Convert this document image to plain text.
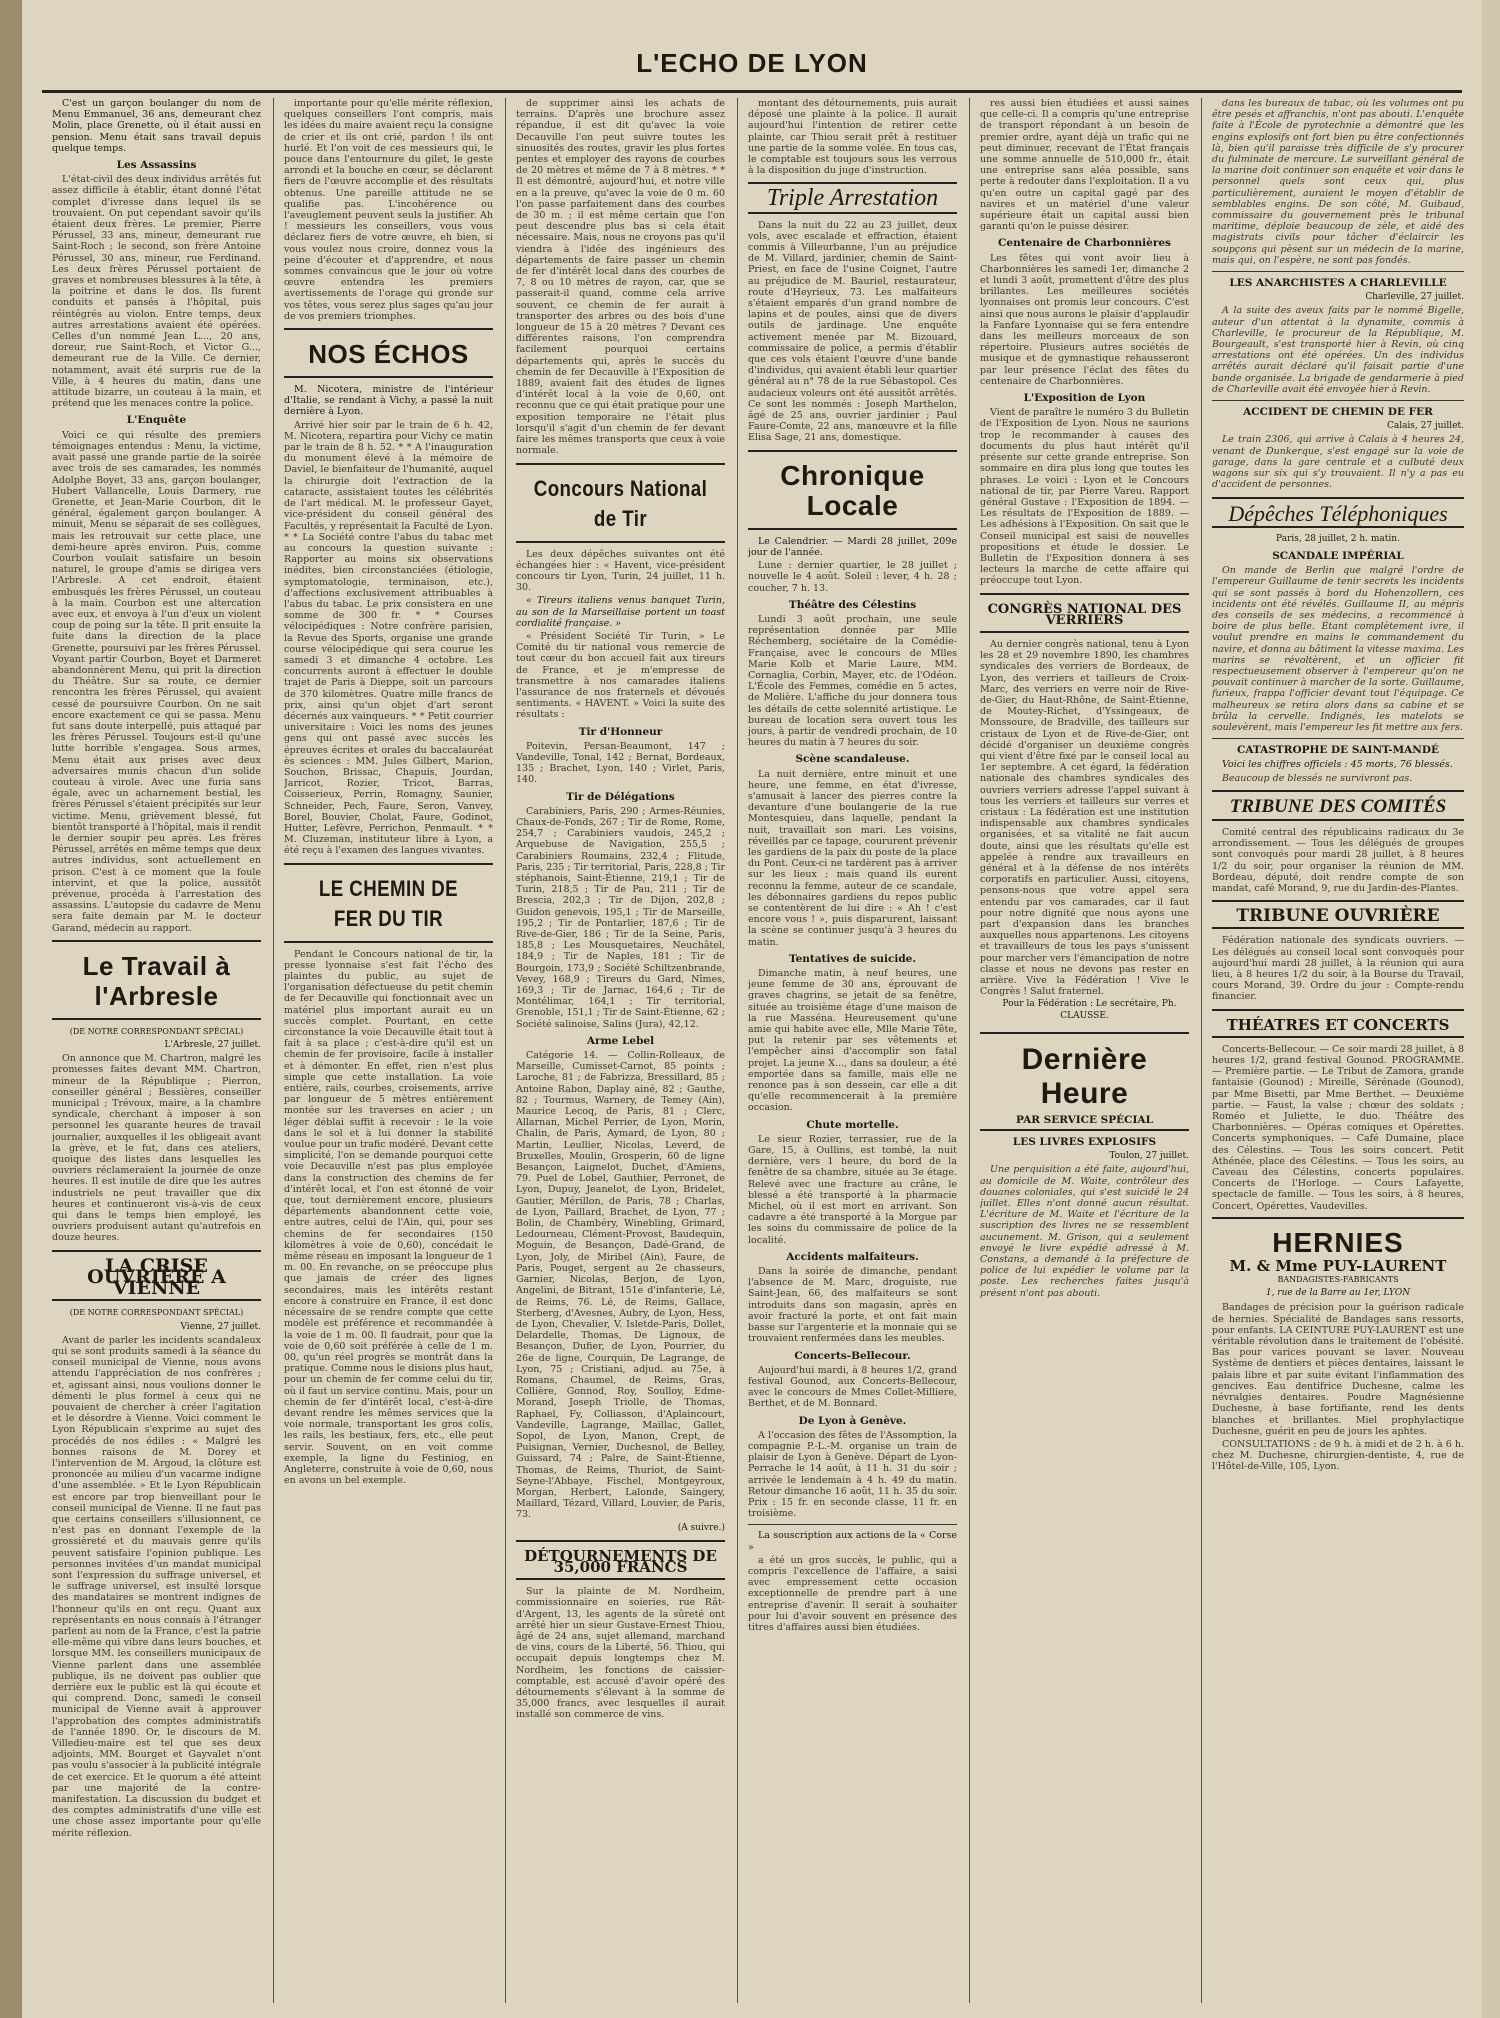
L'ECHO DE LYON

C'est un garçon boulanger du nom de Menu Emmanuel, 36 ans, demeurant chez Molin, place Grenette, où il était aussi en pension. Menu était sans travail depuis quelque temps.

Les Assassins

L'état-civil des deux individus arrêtés fut assez difficile à établir, étant donné l'état complet d'ivresse dans lequel ils se trouvaient. On put cependant savoir qu'ils étaient deux frères. Le premier, Pierre Pérussel, 33 ans, mineur, demeurant rue Saint-Roch ; le second, son frère Antoine Pérussel, 30 ans, mineur, rue Ferdinand. Les deux frères Pérussel portaient de graves et nombreuses blessures à la tête, à la poitrine et dans le dos. Ils furent conduits et pansés à l'hôpital, puis réintégrés au violon. Entre temps, deux autres arrestations avaient été opérées. Celles d'un nommé Jean L..., 20 ans, doreur, rue Saint-Roch, et Victor G..., demeurant rue de la Ville. Ce dernier, notamment, avait été surpris rue de la Ville, à 4 heures du matin, dans une attitude bizarre, un couteau à la main, et prétend que les menaces contre la police.

L'Enquête

Voici ce qui résulte des premiers témoignages entendus : Menu, la victime, avait passé une grande partie de la soirée avec trois de ses camarades, les nommés Adolphe Boyet, 33 ans, garçon boulanger, Hubert Vallancelle, Louis Darmery, rue Grenette, et Jean-Marie Courbon, dit le général, également garçon boulanger. A minuit, Menu se séparait de ses collègues, mais les retrouvait sur cette place, une demi-heure après environ. Puis, comme Courbon voulait satisfaire un besoin naturel, le groupe d'amis se dirigea vers l'Arbresle. A cet endroit, étaient embusqués les frères Pérussel, un couteau à la main. Courbon est une altercation avec eux, et envoya à l'un d'eux un violent coup de poing sur la tête. Il prit ensuite la fuite dans la direction de la place Grenette, poursuivi par les frères Pérussel. Voyant partir Courbon, Boyet et Darmeret abandonnèrent Menu, qui prit la direction du Théâtre. Sur sa route, ce dernier rencontra les frères Pérussel, qui avaient cessé de poursuivre Courbon. On ne sait encore exactement ce qui se passa. Menu fut sans doute interpellé, puis attaqué par les frères Pérussel. Toujours est-il qu'une lutte horrible s'engagea. Sous armes, Menu était aux prises avec deux adversaires munis chacun d'un solide couteau à virole. Avec une furia sans égale, avec un acharnement bestial, les frères Pérussel s'étaient précipités sur leur victime. Menu, grièvement blessé, fut bientôt transporté à l'hôpital, mais il rendit le dernier soupir peu après. Les frères Pérussel, arrêtés en même temps que deux autres individus, sont actuellement en prison. C'est à ce moment que la foule intervint, et que la police, aussitôt prévenue, procéda à l'arrestation des assassins. L'autopsie du cadavre de Menu sera faite demain par M. le docteur Garand, médecin au rapport.

Le Travail à l'Arbresle
(DE NOTRE CORRESPONDANT SPÉCIAL)
L'Arbresle, 27 juillet.

On annonce que M. Chartron, malgré les promesses faites devant MM. Chartron, mineur de la République ; Pierron, conseiller général ; Bessières, conseiller municipal ; Trévoux, maire, a la chambre syndicale, cherchant à imposer à son personnel les quarante heures de travail journalier, auxquelles il les obligeait avant la grève, et le fut, dans ces ateliers, quoique des listes dans lesquelles les ouvriers réclameraient la journée de onze heures. Il est inutile de dire que les autres industriels ne peut travailler que dix heures et continueront vis-à-vis de ceux qui dans le temps bien employé, les ouvriers produisent autant qu'autrefois en douze heures.

LA CRISE OUVRIÈRE A VIENNE
(DE NOTRE CORRESPONDANT SPÉCIAL)
Vienne, 27 juillet.

Avant de parler les incidents scandaleux qui se sont produits samedi à la séance du conseil municipal de Vienne, nous avons attendu l'appréciation de nos confrères ; et, agissant ainsi, nous voulions donner le démenti le plus formel à ceux qui ne pouvaient de chercher à créer l'agitation et le désordre à Vienne. Voici comment le Lyon Républicain s'exprime au sujet des procédés de nos édiles : « Malgré les bonnes raisons de M. Dorey et l'intervention de M. Argoud, la clôture est prononcée au milieu d'un vacarme indigne d'une assemblée. » Et le Lyon Républicain est encore par trop bienveillant pour le conseil municipal de Vienne. Il ne faut pas que certains conseillers s'illusionnent, ce n'est pas en donnant l'exemple de la grossièreté et du mauvais genre qu'ils peuvent satisfaire l'opinion publique. Les personnes invitées d'un mandat municipal sont l'expression du suffrage universel, et le suffrage universel, est insulté lorsque des mandataires se montrent indignes de l'honneur qu'ils en ont reçu. Quant aux représentants en nous connais à l'étranger parlent au nom de la France, c'est la patrie elle-même qui vibre dans leurs bouches, et lorsque MM. les conseillers municipaux de Vienne parlent dans une assemblée publique, ils ne doivent pas oublier que derrière eux le public est là qui écoute et qui comprend. Donc, samedi le conseil municipal de Vienne avait à approuver l'approbation des comptes administratifs de l'année 1890. Or, le discours de M. Villedieu-maire est tel que ses deux adjoints, MM. Bourget et Gayvalet n'ont pas voulu s'associer à la publicité intégrale de cet exercice. Et le quorum a été atteint par une majorité de la contre-manifestation. La discussion du budget et des comptes administratifs d'une ville est une chose assez importante pour qu'elle mérite réflexion.

importante pour qu'elle mérite réflexion, quelques conseillers l'ont compris, mais les idées du maire avaient reçu la consigne de crier et ils ont crié, pardon ! ils ont hurlé. Et l'on voit de ces messieurs qui, le pouce dans l'entournure du gilet, le geste arrondi et la bouche en cœur, se déclarent fiers de l'œuvre accomplie et des résultats obtenus. Une pareille attitude ne se qualifie pas. L'incohérence ou l'aveuglement peuvent seuls la justifier. Ah ! messieurs les conseillers, vous vous déclarez fiers de votre œuvre, eh bien, si vous voulez nous croire, donnez vous la peine d'écouter et d'apprendre, et nous sommes convaincus que le jour où votre œuvre entendra les premiers avertissements de l'orage qui gronde sur vos têtes, vous serez plus sages qu'au jour de vos premiers triomphes.

NOS ÉCHOS

M. Nicotera, ministre de l'intérieur d'Italie, se rendant à Vichy, a passé la nuit dernière à Lyon.

Arrivé hier soir par le train de 6 h. 42, M. Nicotera, repartira pour Vichy ce matin par le train de 8 h. 52. * * A l'inauguration du monument élevé à la mémoire de Daviel, le bienfaiteur de l'humanité, auquel la chirurgie doit l'extraction de la cataracte, assistaient toutes les célébrités de l'art médical. M. le professeur Gayet, vice-président du conseil général des Facultés, y représentait la Faculté de Lyon. * * La Société contre l'abus du tabac met au concours la question suivante : Rapporter au moins six observations inédites, bien circonstanciées (étiologie, symptomatologie, terminaison, etc.), d'affections exclusivement attribuables à l'abus du tabac. Le prix consistera en une somme de 300 fr. * * Courses vélocipédiques : Notre confrère parisien, la Revue des Sports, organise une grande course vélocipédique qui sera courue les samedi 3 et dimanche 4 octobre. Les concurrents auront à effectuer le double trajet de Paris à Dieppe, soit un parcours de 370 kilomètres. Quatre mille francs de prix, ainsi qu'un objet d'art seront décernés aux vainqueurs. * * Petit courrier universitaire : Voici les noms des jeunes gens qui ont passé avec succès les épreuves écrites et orales du baccalauréat ès sciences : MM. Jules Gilbert, Marion, Souchon, Brissac, Chapuis, Jourdan, Jarricot, Rozier, Tricot, Barras, Coisserieux, Perrin, Romagny, Saunier, Schneider, Pech, Faure, Seron, Vanvey, Borel, Bouvier, Cholat, Faure, Godinot, Hutter, Lefèvre, Perrichon, Penmault. * * M. Cluzeman, instituteur libre à Lyon, a été reçu à l'examen des langues vivantes.

LE CHEMIN DE FER DU TIR

Pendant le Concours national de tir, la presse lyonnaise s'est fait l'écho des plaintes du public, au sujet de l'organisation défectueuse du petit chemin de fer Decauville qui fonctionnait avec un matériel plus important aurait eu un succès complet. Pourtant, en cette circonstance la voie Decauville était tout à fait à sa place ; c'est-à-dire qu'il est un chemin de fer provisoire, facile à installer et à démonter. En effet, rien n'est plus simple que cette installation. La voie entière, rails, courbes, croisements, arrive par longueur de 5 mètres entièrement montée sur les traverses en acier ; un léger déblai suffit à recevoir : le la voie dans le sol et à lui donner la stabilité voulue pour un trafic modéré. Devant cette simplicité, l'on se demande pourquoi cette voie Decauville n'est pas plus employée dans la construction des chemins de fer d'intérêt local, et l'on est étonné de voir que, tout dernièrement encore, plusieurs départements abandonnent cette voie, entre autres, celui de l'Ain, qui, pour ses chemins de fer secondaires (150 kilomètres à voie de 0,60), concédait le même réseau en imposant la longueur de 1 m. 00. En revanche, on se préoccupe plus que jamais de créer des lignes secondaires, mais les intérêts restant encore à construire en France, il est donc nécessaire de se rendre compte que cette modèle est préférence et recommandée à la voie de 1 m. 00. Il faudrait, pour que la voie de 0,60 soit préférée à celle de 1 m. 00, qu'un réel progrès se montrât dans la pratique. Comme nous le disions plus haut, pour un chemin de fer comme celui du tir, où il faut un service continu. Mais, pour un chemin de fer d'intérêt local, c'est-à-dire devant rendre les mêmes services que la voie normale, transportant les gros colis, les rails, les bestiaux, fers, etc., elle peut servir. Souvent, on en voit comme exemple, la ligne du Festiniog, en Angleterre, construite à voie de 0,60, nous en avons un bel exemple.

de supprimer ainsi les achats de terrains. D'après une brochure assez répandue, il est dit qu'avec la voie Decauville l'on peut suivre toutes les sinuosités des routes, gravir les plus fortes pentes et employer des rayons de courbes de 20 mètres et même de 7 à 8 mètres. * * Il est démontré, aujourd'hui, et notre ville en a la preuve, qu'avec la voie de 0 m. 60 l'on passe parfaitement dans des courbes de 30 m. ; il est même certain que l'on peut descendre plus bas si cela était nécessaire. Mais, nous ne croyons pas qu'il viendra à l'idée des ingénieurs des départements de faire passer un chemin de fer d'intérêt local dans des courbes de 7, 8 ou 10 mètres de rayon, car, que se passerait-il quand, comme cela arrive souvent, ce chemin de fer aurait à transporter des arbres ou des bois d'une longueur de 15 à 20 mètres ? Devant ces différentes raisons, l'on comprendra facilement pourquoi certains départements qui, après le succès du chemin de fer Decauville à l'Exposition de 1889, avaient fait des études de lignes d'intérêt local à la voie de 0,60, ont reconnu que ce qui était pratique pour une exposition temporaire ne l'était plus lorsqu'il s'agit d'un chemin de fer devant faire les mêmes transports que ceux à voie normale.

Concours National de Tir

Les deux dépêches suivantes ont été échangées hier : « Havent, vice-président concours tir Lyon, Turin, 24 juillet, 11 h. 30.

« Tireurs italiens venus banquet Turin, au son de la Marseillaise portent un toast cordialité française. »

« Président Société Tir Turin, » Le Comité du tir national vous remercie de tout cœur du bon accueil fait aux tireurs de France, et je m'empresse de transmettre à nos camarades italiens l'assurance de nos fraternels et dévoués sentiments. « HAVENT. » Voici la suite des résultats :

Tir d'Honneur

Poitevin, Persan-Beaumont, 147 ; Vandeville, Tonal, 142 ; Bernat, Bordeaux, 135 ; Brachet, Lyon, 140 ; Virlet, Paris, 140.

Tir de Délégations

Carabiniers, Paris, 290 ; Armes-Réunies, Chaux-de-Fonds, 267 ; Tir de Rome, Rome, 254,7 ; Carabiniers vaudois, 245,2 ; Arquebuse de Navigation, 255,5 ; Carabiniers Roumains, 232,4 ; Flitude, Paris, 235 ; Tir territorial, Paris, 228,8 ; Tir stéphanois, Saint-Étienne, 219,1 ; Tir de Turin, 218,5 ; Tir de Pau, 211 ; Tir de Brescia, 202,3 ; Tir de Dijon, 202,8 ; Guidon genevois, 195,1 ; Tir de Marseille, 195,2 ; Tir de Pontarlier, 187,6 ; Tir de Rive-de-Gier, 186 ; Tir de la Seine, Paris, 185,8 ; Les Mousquetaires, Neuchâtel, 184,9 ; Tir de Naples, 181 ; Tir de Bourgoin, 173,9 ; Société Schiltzenbrande, Vevey, 168,9 ; Tireurs du Gard, Nîmes, 169,3 ; Tir de Jarnac, 164,6 ; Tir de Montélimar, 164,1 ; Tir territorial, Grenoble, 151,1 ; Tir de Saint-Étienne, 62 ; Société salinoise, Salins (Jura), 42,12.

Arme Lebel

Catégorie 14. — Collin-Rolleaux, de Marseille, Cumisset-Carnot, 85 points ; Laroche, 81 ; de Fabrizza, Bressillard, 85 ; Antoine Rabon, Daplay ainé, 82 ; Gauthe, 82 ; Tourmus, Warnery, de Temey (Ain), Maurice Lecoq, de Paris, 81 ; Clerc, Allarnan, Michel Perrier, de Lyon, Morin, Chalin, de Paris, Aymard, de Lyon, 80 ; Martin, Leullier, Nicolas, Leverd, de Bruxelles, Moulin, Grosperin, 60 de ligne Besançon, Laignelot, Duchet, d'Amiens, 79. Puel de Lobel, Gauthier, Perronet, de Lyon, Dupuy, Jeanelot, de Lyon, Bridelet, Gautier, Mérillon, de Paris, 78 ; Charlas, de Lyon, Paillard, Brachet, de Lyon, 77 ; Bolin, de Chambéry, Winebling, Grimard, Ledourneau, Clément-Provost, Baudequin, Moguin, de Besançon, Dadé-Grand, de Lyon, Joly, de Miribel (Ain), Faure, de Paris, Pouget, sergent au 2e chasseurs, Garnier, Nicolas, Berjon, de Lyon, Angelini, de Bitrant, 151e d'infanterie, Lé, de Reims, 76. Lé, de Reims, Gallace, Sterberg, d'Avesnes, Aubry, de Lyon, Hess, de Lyon, Chevalier, V. Isletde-Paris, Dollet, Delardelle, Thomas, De Lignoux, de Besançon, Dufier, de Lyon, Pourrier, du 26e de ligne, Courquin, De Lagrange, de Lyon, 75 ; Cristiani, adjud. au 75e, à Romans, Chaumel, de Reims, Gras, Collière, Gonnod, Roy, Soulloy, Edme-Morand, Joseph Triolle, de Thomas, Raphael, Fy, Colliasson, d'Aplaincourt, Vandeville, Lagrange, Maillac, Gallet, Sopol, de Lyon, Manon, Crept, de Puisignan, Vernier, Duchesnol, de Belley, Guissard, 74 ; Palre, de Saint-Étienne, Thomas, de Reims, Thuriot, de Saint-Seyne-l'Abbaye, Fischel, Montgeyroux, Morgan, Herbert, Lalonde, Saingery, Maillard, Tézard, Villard, Louvier, de Paris, 73.

(A suivre.)
DÉTOURNEMENTS DE 35,000 FRANCS

Sur la plainte de M. Nordheim, commissionnaire en soieries, rue Rât-d'Argent, 13, les agents de la sûreté ont arrêté hier un sieur Gustave-Ernest Thiou, âgé de 24 ans, sujet allemand, marchand de vins, cours de la Liberté, 56. Thiou, qui occupait depuis longtemps chez M. Nordheim, les fonctions de caissier-comptable, est accusé d'avoir opéré des détournements s'élevant à la somme de 35,000 francs, avec lesquelles il aurait installé son commerce de vins.

montant des détournements, puis aurait déposé une plainte à la police. Il aurait aujourd'hui l'intention de retirer cette plainte, car Thiou serait prêt à restituer une partie de la somme volée. En tous cas, le comptable est toujours sous les verrous à la disposition du juge d'instruction.

Triple Arrestation

Dans la nuit du 22 au 23 juillet, deux vols, avec escalade et effraction, étaient commis à Villeurbanne, l'un au préjudice de M. Villard, jardinier, chemin de Saint-Priest, en face de l'usine Coignet, l'autre au préjudice de M. Bauriel, restaurateur, route d'Heyrieux, 73. Les malfaiteurs s'étaient emparés d'un grand nombre de lapins et de poules, ainsi que de divers outils de jardinage. Une enquête activement menée par M. Bizouard, commissaire de police, a permis d'établir que ces vols étaient l'œuvre d'une bande d'individus, qui avaient établi leur quartier général au n° 78 de la rue Sébastopol. Ces audacieux voleurs ont été aussitôt arrêtés. Ce sont les nommés : Joseph Marthelon, âgé de 25 ans, ouvrier jardinier ; Paul Faure-Comte, 22 ans, manœuvre et la fille Elisa Sage, 21 ans, domestique.

Chronique Locale

Le Calendrier. — Mardi 28 juillet, 209e jour de l'année.

Lune : dernier quartier, le 28 juillet ; nouvelle le 4 août. Soleil : lever, 4 h. 28 ; coucher, 7 h. 13.

Théâtre des Célestins

Lundi 3 août prochain, une seule représentation donnée par Mlle Réchemberg, sociétaire de la Comédie-Française, avec le concours de Mlles Marie Kolb et Marie Laure, MM. Cornaglia, Corbin, Mayer, etc. de l'Odéon. L'École des Femmes, comédie en 5 actes, de Molière. L'affiche du jour donnera tous les détails de cette solennité artistique. Le bureau de location sera ouvert tous les jours, à partir de vendredi prochain, de 10 heures du matin à 7 heures du soir.

Scène scandaleuse.

La nuit dernière, entre minuit et une heure, une femme, en état d'ivresse, s'amusait à lancer des pierres contre la devanture d'une boulangerie de la rue Montesquieu, dans laquelle, pendant la nuit, travaillait son mari. Les voisins, réveillés par ce tapage, coururent prévenir les gardiens de la paix du poste de la place du Pont. Ceux-ci ne tardèrent pas à arriver sur les lieux ; mais quand ils eurent reconnu la femme, auteur de ce scandale, les débonnaires gardiens du repos public se contentèrent de lui dire : « Ah ! c'est encore vous ! », puis disparurent, laissant la scène se continuer jusqu'à 3 heures du matin.

Tentatives de suicide.

Dimanche matin, à neuf heures, une jeune femme de 30 ans, éprouvant de graves chagrins, se jetait de sa fenêtre, située au troisième étage d'une maison de la rue Masséna. Heureusement qu'une amie qui habite avec elle, Mlle Marie Tête, put la retenir par ses vêtements et l'empêcher ainsi d'accomplir son fatal projet. La jeune X..., dans sa douleur, a été emportée dans sa famille, mais elle ne renonce pas à son dessein, car elle a dit qu'elle recommencerait à la première occasion.

Chute mortelle.

Le sieur Rozier, terrassier, rue de la Gare, 15, à Oullins, est tombé, la nuit dernière, vers 1 heure, du bord de la fenêtre de sa chambre, située au 3e étage. Relevé avec une fracture au crâne, le blessé a été transporté à la pharmacie Michel, où il est mort en arrivant. Son cadavre a été transporté à la Morgue par les soins du commissaire de police de la localité.

Accidents malfaiteurs.

Dans la soirée de dimanche, pendant l'absence de M. Marc, droguiste, rue Saint-Jean, 66, des malfaiteurs se sont introduits dans son magasin, après en avoir fracturé la porte, et ont fait main basse sur l'argenterie et la monnaie qui se trouvaient renfermées dans les meubles.

Concerts-Bellecour.

Aujourd'hui mardi, à 8 heures 1/2, grand festival Gounod, aux Concerts-Bellecour, avec le concours de Mmes Collet-Milliere, Berthet, et de M. Bonnard.

De Lyon à Genève.

A l'occasion des fêtes de l'Assomption, la compagnie P.-L.-M. organise un train de plaisir de Lyon à Genève. Départ de Lyon-Perrache le 14 août, à 11 h. 31 du soir ; arrivée le lendemain à 4 h. 49 du matin. Retour dimanche 16 août, 11 h. 35 du soir. Prix : 15 fr. en seconde classe, 11 fr. en troisième.

La souscription aux actions de la « Corse »

a été un gros succès, le public, qui a compris l'excellence de l'affaire, a saisi avec empressement cette occasion exceptionnelle de prendre part à une entreprise d'avenir. Il serait à souhaiter pour lui d'avoir souvent en présence des titres d'affaires aussi bien étudiées.

res aussi bien étudiées et aussi saines que celle-ci. Il a compris qu'une entreprise de transport répondant à un besoin de premier ordre, ayant déjà un trafic qui ne peut diminuer, recevant de l'État français une somme annuelle de 510,000 fr., était une entreprise sans aléa possible, sans perte à redouter dans l'exploitation. Il a vu qu'en outre un capital gagé par des navires et un matériel d'une valeur supérieure était un capital aussi bien garanti qu'on le puisse désirer.

Centenaire de Charbonnières

Les fêtes qui vont avoir lieu à Charbonnières les samedi 1er, dimanche 2 et lundi 3 août, promettent d'être des plus brillantes. Les meilleures sociétés lyonnaises ont promis leur concours. C'est ainsi que nous aurons le plaisir d'applaudir la Fanfare Lyonnaise qui se fera entendre dans les meilleurs morceaux de son répertoire. Plusieurs autres sociétés de musique et de gymnastique rehausseront par leur présence l'éclat des fêtes du centenaire de Charbonnières.

L'Exposition de Lyon

Vient de paraître le numéro 3 du Bulletin de l'Exposition de Lyon. Nous ne saurions trop le recommander à causes des documents du plus haut intérêt qu'il présente sur cette grande entreprise. Son sommaire en dira plus long que toutes les phrases. Le voici : Lyon et le Concours national de tir, par Pierre Vareu. Rapport général Gustave : l'Exposition de 1894. — Les résultats de l'Exposition de 1889. — Les adhésions à l'Exposition. On sait que le Conseil municipal est saisi de nouvelles propositions et étude le dossier. Le Bulletin de l'Exposition donnera à ses lecteurs la marche de cette affaire qui préoccupe tout Lyon.

CONGRÈS NATIONAL DES VERRIERS

Au dernier congrès national, tenu à Lyon les 28 et 29 novembre 1890, les chambres syndicales des verriers de Bordeaux, de Lyon, des verriers et tailleurs de Croix-Marc, des verriers en verre noir de Rive-de-Gier, du Haut-Rhône, de Saint-Étienne, de Moutey-Richet, d'Yssingeaux, de Monssoure, de Bradville, des tailleurs sur cristaux de Lyon et de Rive-de-Gier, ont décidé d'organiser un deuxième congrès qui vient d'être fixé par le conseil local au 1er septembre. A cet égard, la fédération nationale des chambres syndicales des ouvriers verriers adresse l'appel suivant à tous les verriers et tailleurs sur verres et cristaux : La fédération est une institution indispensable aux chambres syndicales organisées, et sa vitalité ne fait aucun doute, ainsi que les résultats qu'elle est appelée à rendre aux travailleurs en général et à la défense de nos intérêts corporatifs en particulier. Aussi, citoyens, pensons-nous que votre appel sera entendu par vos camarades, car il faut pour notre dignité que nous ayons une part d'expansion dans les branches auxquelles nous appartenons. Les citoyens et travailleurs de tous les pays s'unissent pour marcher vers l'émancipation de notre classe et nous ne devons pas rester en arrière. Vive la Fédération ! Vive le Congrès ! Salut fraternel.

Pour la Fédération : Le secrétaire, Ph. CLAUSSE.

Dernière Heure
PAR SERVICE SPÉCIAL
LES LIVRES EXPLOSIFS
Toulon, 27 juillet.

Une perquisition a été faite, aujourd'hui, au domicile de M. Waite, contrôleur des douanes coloniales, qui s'est suicidé le 24 juillet. Elles n'ont donné aucun résultat. L'écriture de M. Waite et l'écriture de la suscription des livres ne se ressemblent aucunement. M. Grison, qui a seulement envoyé le livre expédié adressé à M. Constans, a demandé à la préfecture de police de lui expédier le volume par la poste. Les recherches faites jusqu'à présent n'ont pas abouti.

dans les bureaux de tabac, où les volumes ont pu être pesés et affranchis, n'ont pas abouti. L'enquête faite à l'École de pyrotechnie a démontré que les engins explosifs ont fort bien pu être confectionnés là, bien qu'il paraisse très difficile de s'y procurer du fulminate de mercure. Le surveillant général de la marine doit continuer son enquête et voir dans le personnel quels sont ceux qui, plus particulièrement, auraient le moyen d'établir de semblables engins. De son côté, M. Guibaud, commissaire du gouvernement près le tribunal maritime, déploie beaucoup de zèle, et aidé des magistrats civils pour tâcher d'éclaircir les soupçons qui pèsent sur un médecin de la marine, mais qui, on l'espère, ne sont pas fondés.

LES ANARCHISTES A CHARLEVILLE
Charleville, 27 juillet.

A la suite des aveux faits par le nommé Bigelle, auteur d'un attentat à la dynamite, commis à Charleville, le procureur de la République, M. Bourgeault, s'est transporté hier à Revin, où cinq arrestations ont été opérées. Un des individus arrêtés aurait déclaré qu'il faisait partie d'une bande organisée. La brigade de gendarmerie à pied de Charleville avait été envoyée hier à Revin.

ACCIDENT DE CHEMIN DE FER
Calais, 27 juillet.

Le train 2306, qui arrive à Calais à 4 heures 24, venant de Dunkerque, s'est engagé sur la voie de garage, dans la gare centrale et a culbuté deux wagons sur six qui s'y trouvaient. Il n'y a pas eu d'accident de personnes.

Dépêches Téléphoniques
Paris, 28 juillet, 2 h. matin.
SCANDALE IMPÉRIAL

On mande de Berlin que malgré l'ordre de l'empereur Guillaume de tenir secrets les incidents qui se sont passés à bord du Hohenzollern, ces incidents ont été révélés. Guillaume II, au mépris des conseils de ses médecins, a recommencé à boire de plus belle. Étant complètement ivre, il voulut prendre en mains le commandement du navire, et donna au bâtiment la vitesse maxima. Les marins se révoltèrent, et un officier fit respectueusement observer à l'empereur qu'on ne pouvait continuer à marcher de la sorte. Guillaume, furieux, frappa l'officier devant tout l'équipage. Ce malheureux se retira alors dans sa cabine et se brûla la cervelle. Indignés, les matelots se soulevèrent, mais l'empereur les fit mettre aux fers.

CATASTROPHE DE SAINT-MANDÉ

Voici les chiffres officiels : 45 morts, 76 blessés.

Beaucoup de blessés ne survivront pas.

TRIBUNE DES COMITÉS

Comité central des républicains radicaux du 3e arrondissement. — Tous les délégués de groupes sont convoqués pour mardi 28 juillet, à 8 heures 1/2 du soir, pour organiser la réunion de MM. Bordeau, député, doit rendre compte de son mandat, café Morand, 9, rue du Jardin-des-Plantes.

TRIBUNE OUVRIÈRE

Fédération nationale des syndicats ouvriers. — Les délégués au conseil local sont convoqués pour aujourd'hui mardi 28 juillet, à la réunion qui aura lieu, à 8 heures 1/2 du soir, à la Bourse du Travail, cours Morand, 39. Ordre du jour : Compte-rendu financier.

THÉATRES ET CONCERTS

Concerts-Bellecour. — Ce soir mardi 28 juillet, à 8 heures 1/2, grand festival Gounod. PROGRAMME. — Première partie. — Le Tribut de Zamora, grande fantaisie (Gounod) ; Mireille, Sérénade (Gounod), par Mme Bisetti, par Mme Berthet. — Deuxième partie. — Faust, la valse ; chœur des soldats ; Roméo et Juliette, le duo. Théâtre des Charbonnières. — Opéras comiques et Opérettes. Concerts symphoniques. — Café Dumaine, place des Célestins. — Tous les soirs concert. Petit Athénée, place des Célestins. — Tous les soirs, au Caveau des Célestins, concerts populaires. Concerts de l'Horloge. — Cours Lafayette, spectacle de famille. — Tous les soirs, à 8 heures, Concert, Opérettes, Vaudevilles.

HERNIES
M. & Mme PUY-LAURENT
BANDAGISTES-FABRICANTS
1, rue de la Barre au 1er, LYON

Bandages de précision pour la guérison radicale de hernies. Spécialité de Bandages sans ressorts, pour enfants. LA CEINTURE PUY-LAURENT est une véritable révolution dans le traitement de l'obésité. Bas pour varices pouvant se laver. Nouveau Système de dentiers et pièces dentaires, laissant le palais libre et par suite évitant l'inflammation des gencives. Eau dentifrice Duchesne, calme les névralgies dentaires. Poudre Magnésienne Duchesne, à base fortifiante, rend les dents blanches et brillantes. Miel prophylactique Duchesne, guérit en peu de jours les aphtes.

CONSULTATIONS : de 9 h. à midi et de 2 h. à 6 h. chez M. Duchesne, chirurgien-dentiste, 4, rue de l'Hôtel-de-Ville, 105, Lyon.
